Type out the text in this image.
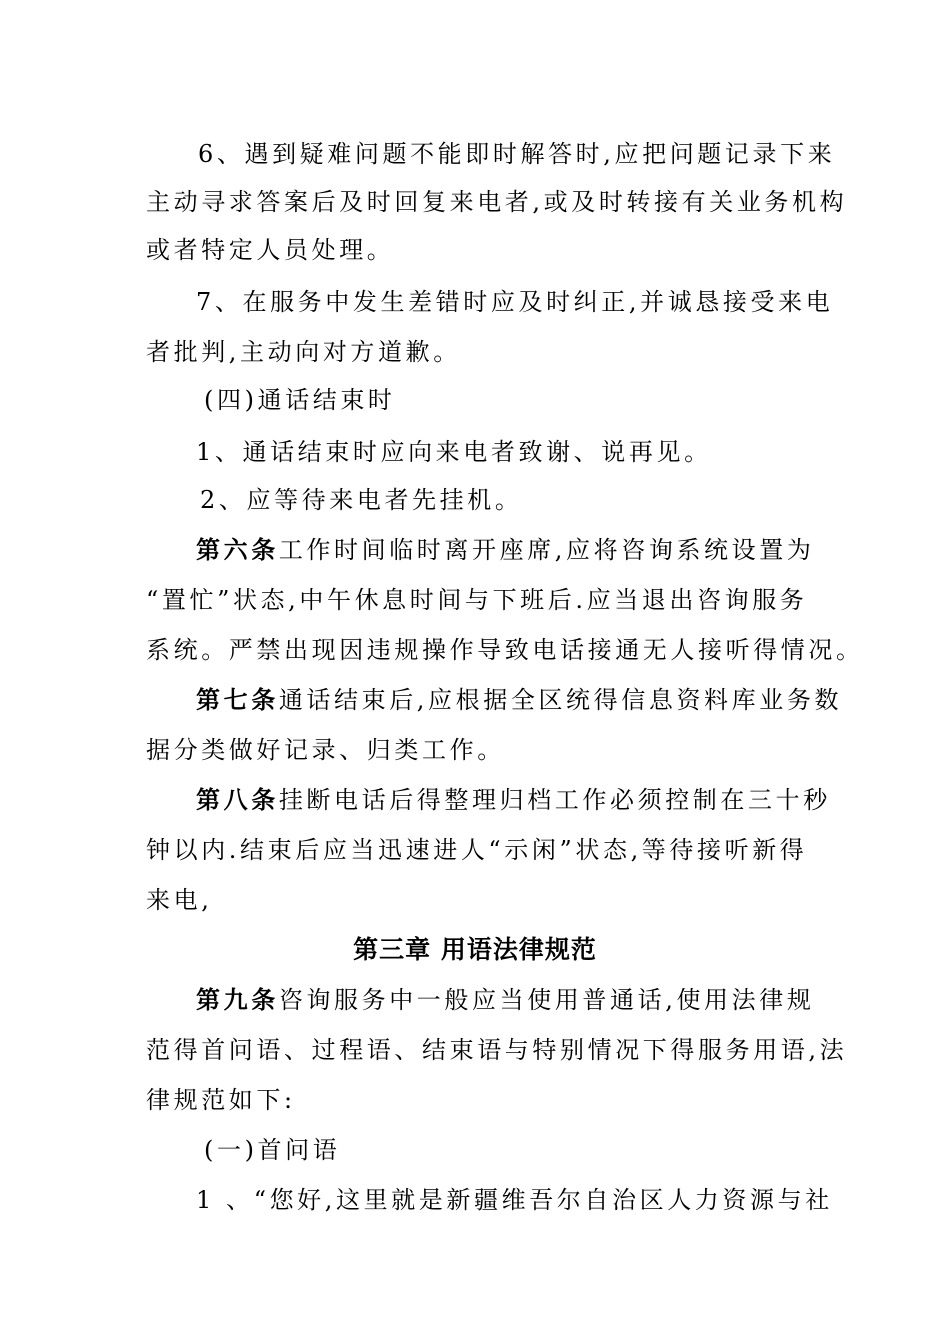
6、遇到疑难问题不能即时解答时,应把问题记录下来
主动寻求答案后及时回复来电者,或及时转接有关业务机构
或者特定人员处理。
7、在服务中发生差错时应及时纠正,并诚恳接受来电
者批判,主动向对方道歉。
(四)通话结束时
1、通话结束时应向来电者致谢、说再见。
2、应等待来电者先挂机。
第六条工作时间临时离开座席,应将咨询系统设置为
“置忙”状态,中午休息时间与下班后.应当退出咨询服务
系统。严禁出现因违规操作导致电话接通无人接听得情况。
第七条通话结束后,应根据全区统得信息资料库业务数
据分类做好记录、归类工作。
第八条挂断电话后得整理归档工作必须控制在三十秒
钟以内.结束后应当迅速进人“示闲”状态,等待接听新得
来电,
第三章 用语法律规范
第九条咨询服务中一般应当使用普通话,使用法律规
范得首问语、过程语、结束语与特别情况下得服务用语,法
律规范如下:
(一)首问语
1 、“您好,这里就是新疆维吾尔自治区人力资源与社
